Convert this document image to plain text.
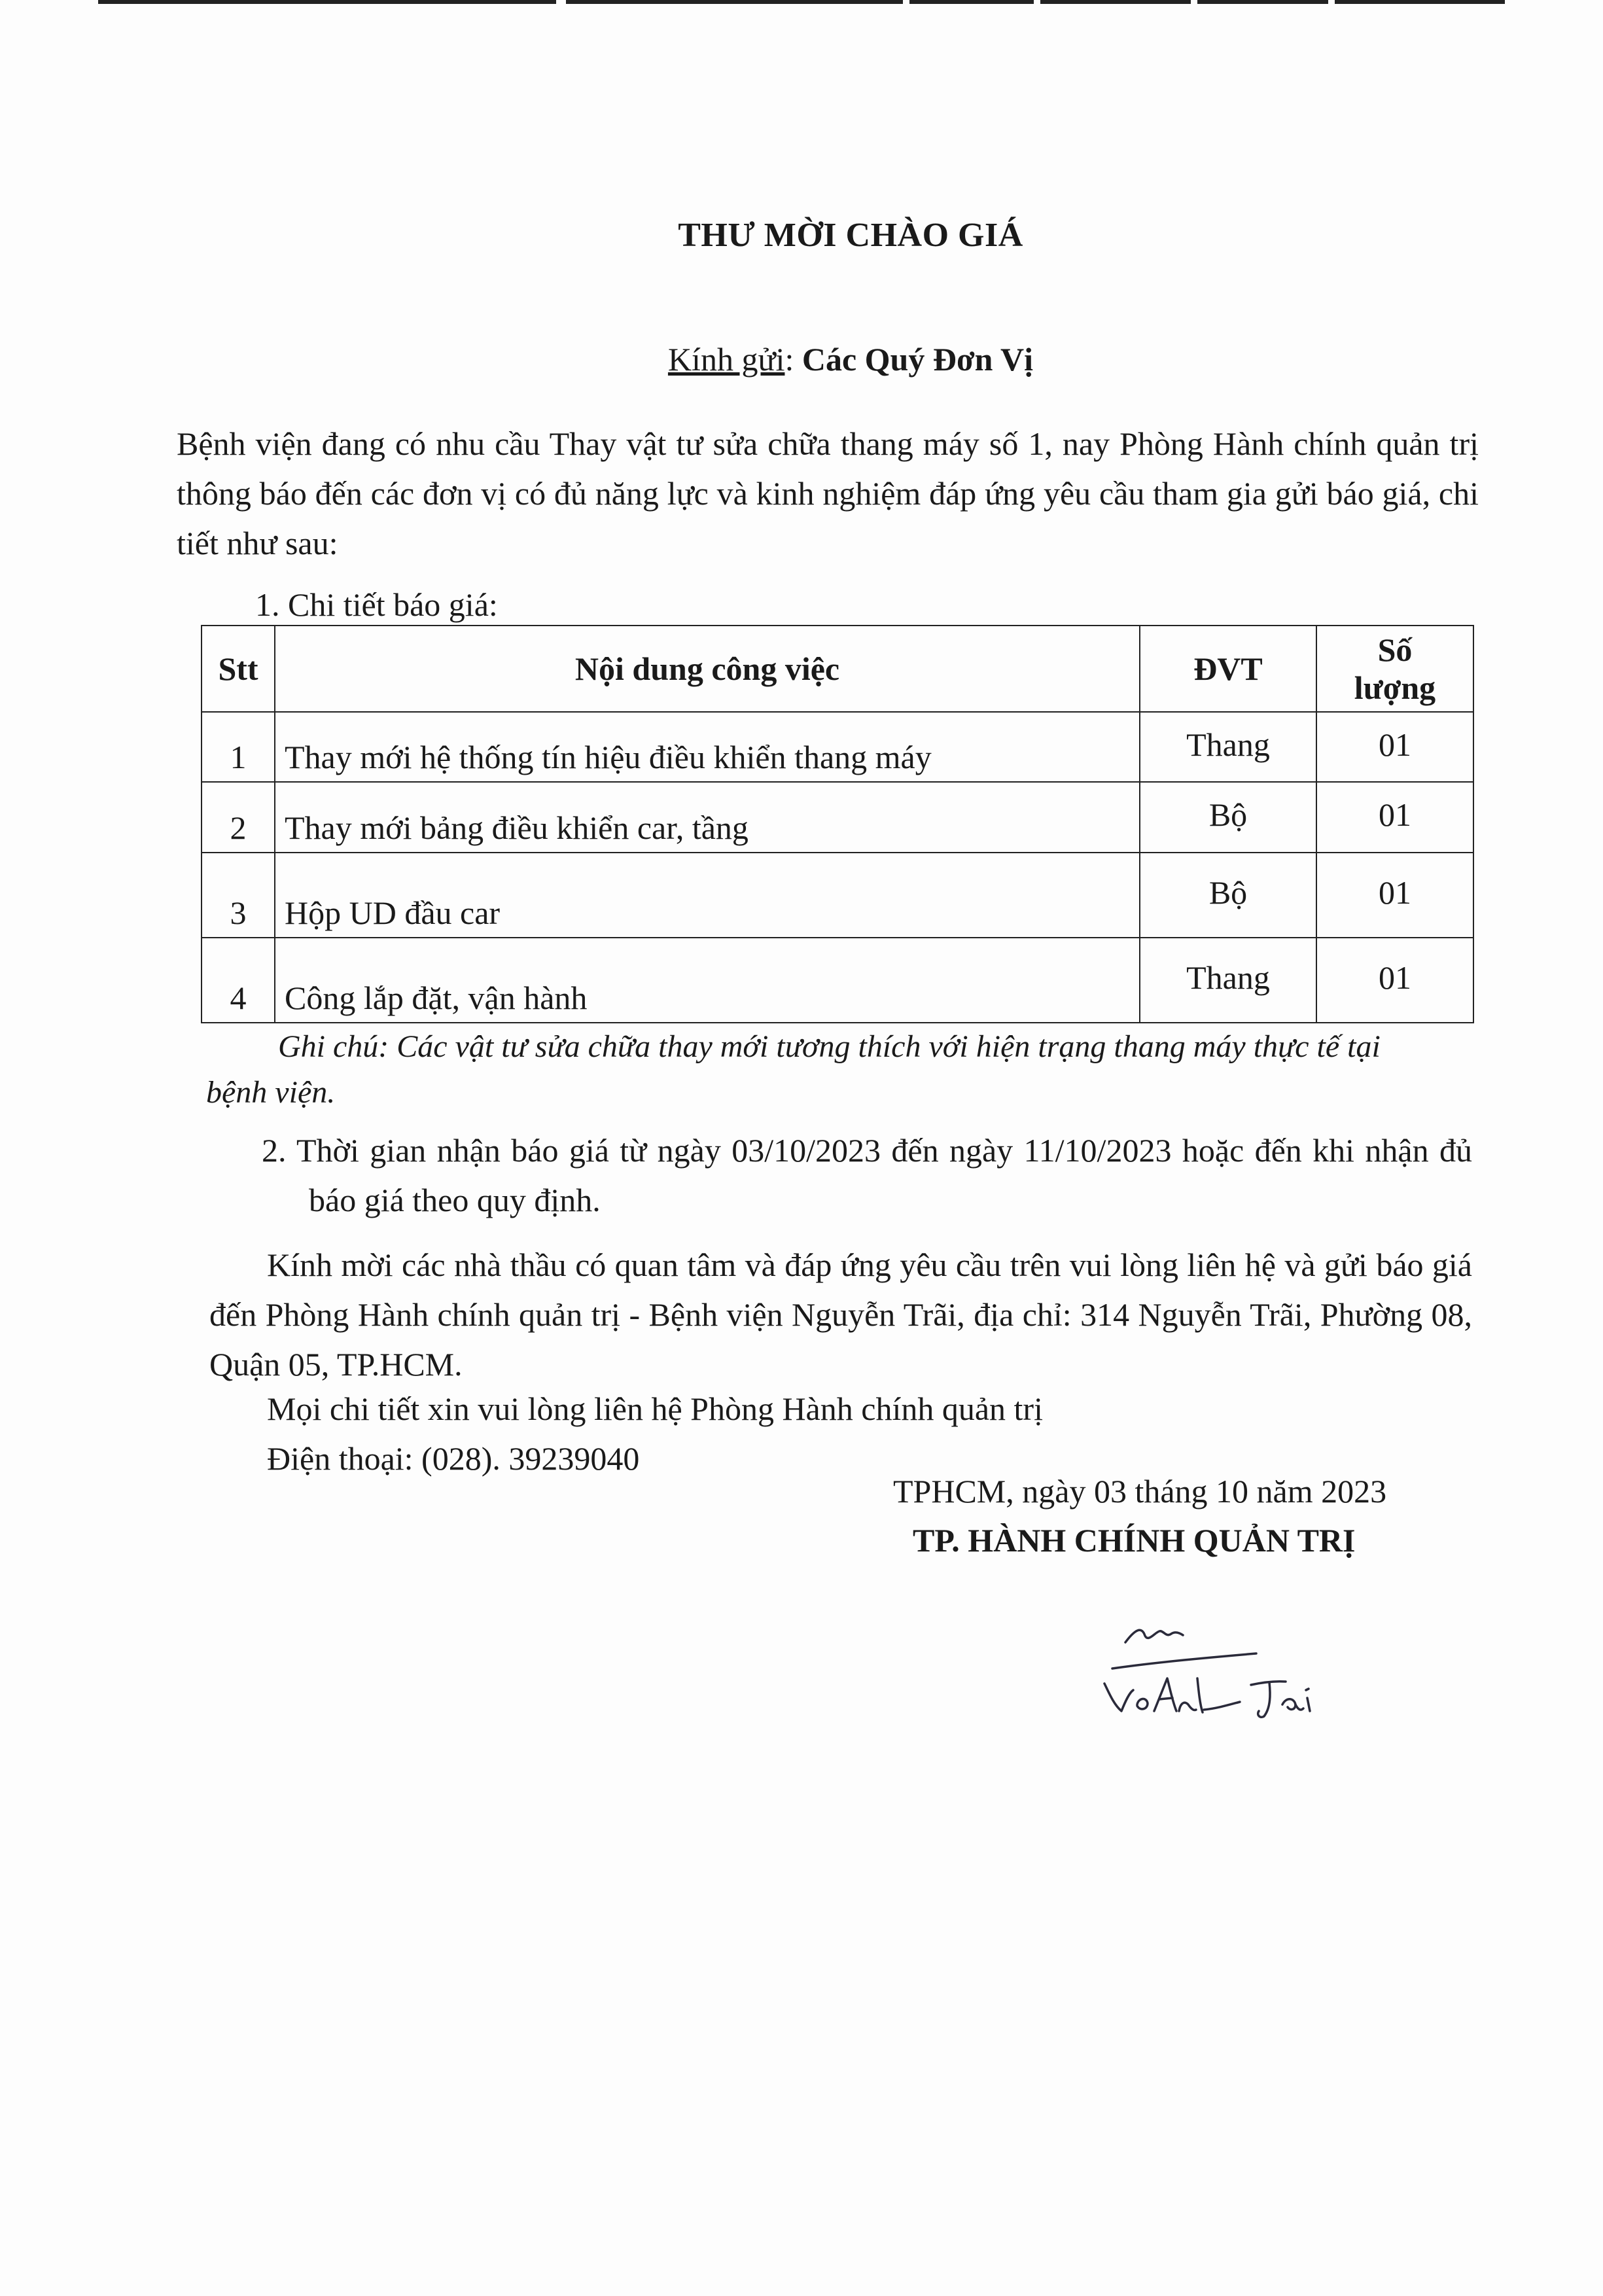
THƯ MỜI CHÀO GIÁ
Kính gửi: Các Quý Đơn Vị
Bệnh viện đang có nhu cầu Thay vật tư sửa chữa thang máy số 1, nay Phòng Hành chính quản trị thông báo đến các đơn vị có đủ năng lực và kinh nghiệm đáp ứng yêu cầu tham gia gửi báo giá, chi tiết như sau:
1. Chi tiết báo giá:
Stt	Nội dung công việc	ĐVT	Số
lượng

1	Thay mới hệ thống tín hiệu điều khiển thang máy	Thang	01
2	Thay mới bảng điều khiển car, tầng	Bộ	01
3	Hộp UD đầu car	Bộ	01
4	Công lắp đặt, vận hành	Thang	01
Ghi chú: Các vật tư sửa chữa thay mới tương thích với hiện trạng thang máy thực tế tại bệnh viện.
2. Thời gian nhận báo giá từ ngày 03/10/2023 đến ngày 11/10/2023 hoặc đến khi nhận đủ báo giá theo quy định.
Kính mời các nhà thầu có quan tâm và đáp ứng yêu cầu trên vui lòng liên hệ và gửi báo giá đến Phòng Hành chính quản trị - Bệnh viện Nguyễn Trãi, địa chỉ: 314 Nguyễn Trãi, Phường 08, Quận 05, TP.HCM.
Mọi chi tiết xin vui lòng liên hệ Phòng Hành chính quản trị
Điện thoại: (028). 39239040
TPHCM, ngày 03 tháng 10 năm 2023
TP. HÀNH CHÍNH QUẢN TRỊ
